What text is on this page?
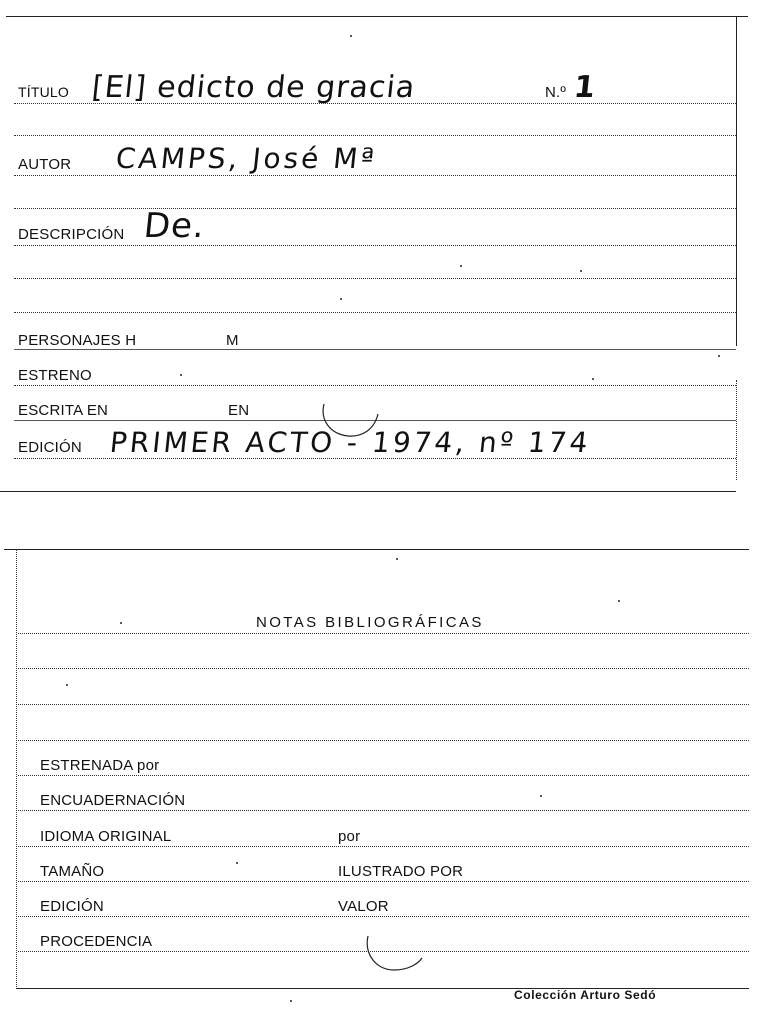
TÍTULO [El] edicto de gracia	N.º 1
AUTOR CAMPS, José Mª
DESCRIPCIÓN De.
PERSONAJES H	M
ESTRENO
ESCRITA EN	EN
EDICIÓN PRIMER ACTO - 1974, nº 174
NOTAS BIBLIOGRÁFICAS
ESTRENADA por
ENCUADERNACIÓN
IDIOMA ORIGINAL	por
TAMAÑO	ILUSTRADO POR
EDICIÓN	VALOR
PROCEDENCIA
Colección Arturo Sedó
